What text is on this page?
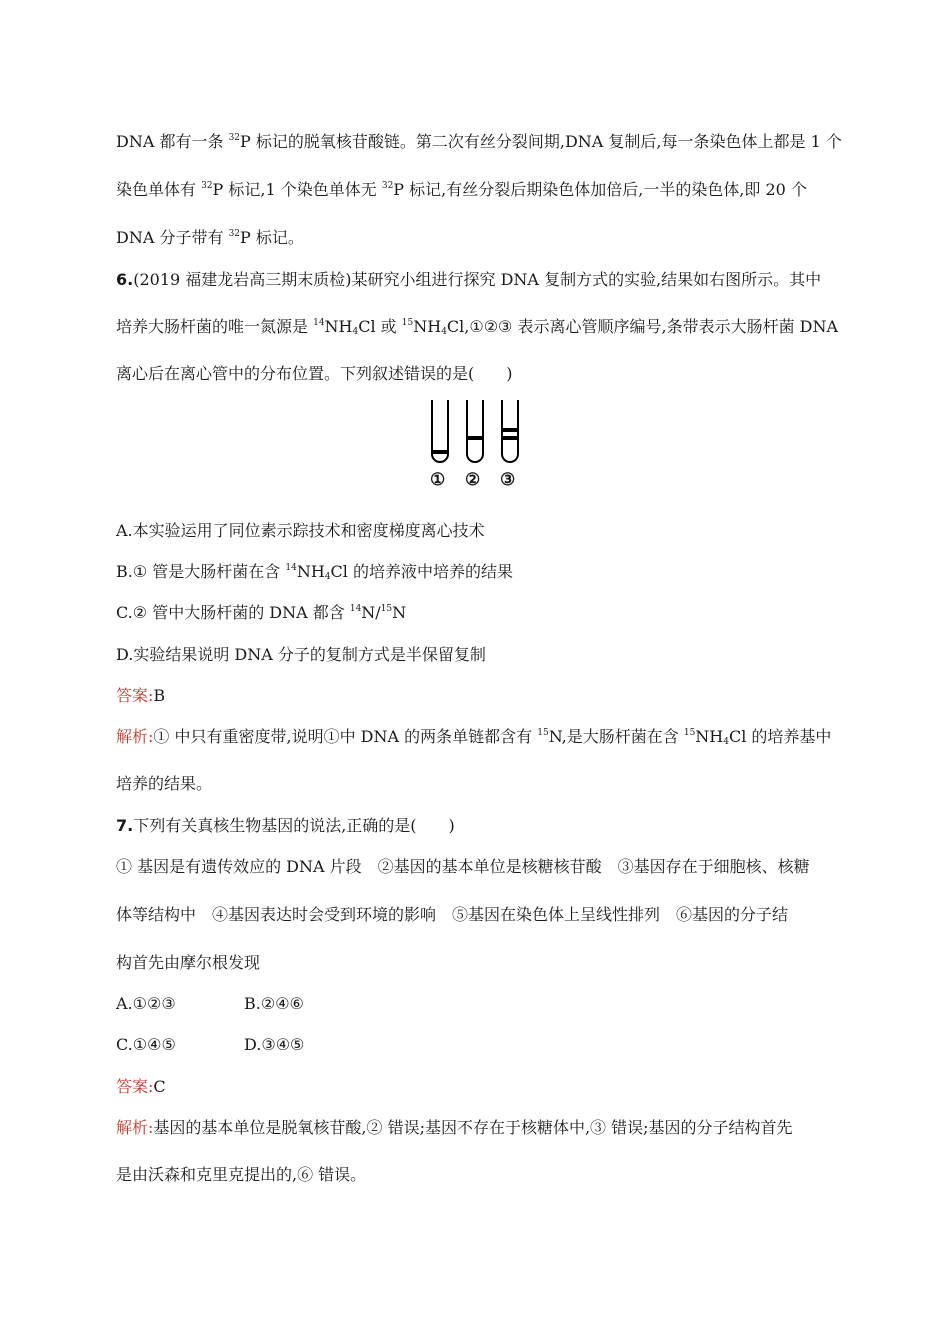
DNA 都有一条 $^{32}$P 标记的脱氧核苷酸链。第二次有丝分裂间期,DNA 复制后,每一条染色体上都是 1 个
染色单体有 $^{32}$P 标记,1 个染色单体无 $^{32}$P 标记,有丝分裂后期染色体加倍后,一半的染色体,即 20 个
DNA 分子带有 $^{32}$P 标记。
6.(2019 福建龙岩高三期末质检)某研究小组进行探究 DNA 复制方式的实验,结果如右图所示。其中
培养大肠杆菌的唯一氮源是 $^{14}NH_4Cl$ 或 $^{15}NH_4Cl,①②③$ 表示离心管顺序编号,条带表示大肠杆菌 DNA
离心后在离心管中的分布位置。下列叙述错误的是(　　)
① ② ③
A.本实验运用了同位素示踪技术和密度梯度离心技术
B.① 管是大肠杆菌在含 $^{14}NH_4Cl$ 的培养液中培养的结果
C.② 管中大肠杆菌的 DNA 都含 $^{14}$N/$^{15}$N
D.实验结果说明 DNA 分子的复制方式是半保留复制
答案:B
解析:① 中只有重密度带,说明①中 DNA 的两条单链都含有 $^{15}$N,是大肠杆菌在含 $^{15}NH_4Cl$ 的培养基中
培养的结果。
7.下列有关真核生物基因的说法,正确的是(　　)
① 基因是有遗传效应的 DNA 片段　②基因的基本单位是核糖核苷酸　③基因存在于细胞核、核糖
体等结构中　④基因表达时会受到环境的影响　⑤基因在染色体上呈线性排列　⑥基因的分子结
构首先由摩尔根发现
A.①②③	B.②④⑥
C.①④⑤	D.③④⑤
答案:C
解析:基因的基本单位是脱氧核苷酸,② 错误;基因不存在于核糖体中,③ 错误;基因的分子结构首先
是由沃森和克里克提出的,⑥ 错误。
